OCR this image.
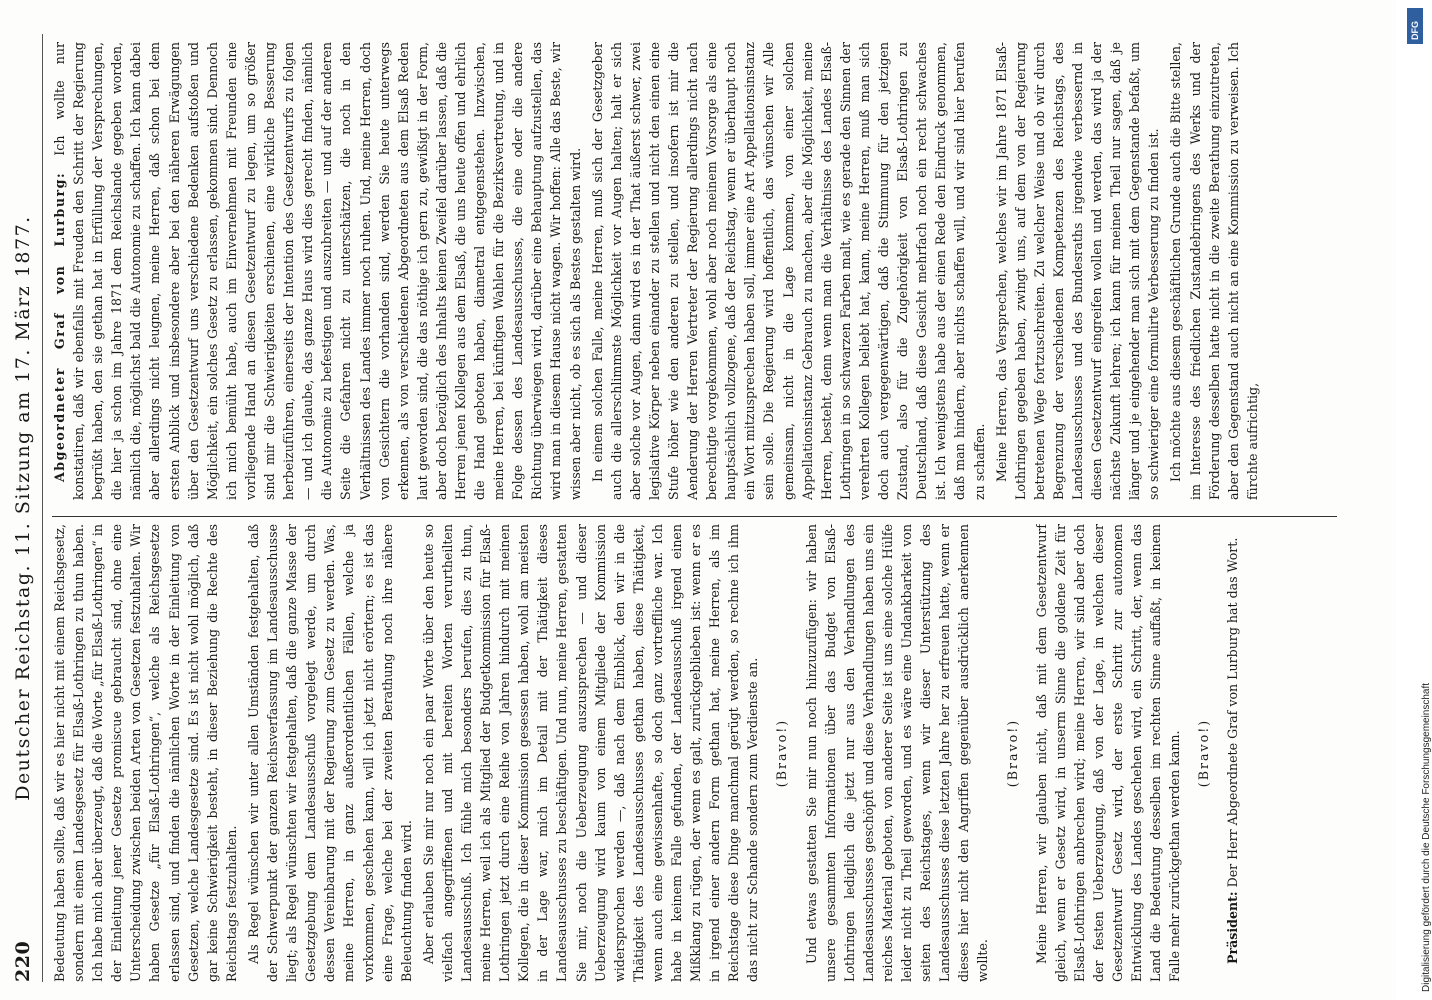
220
Deutscher Reichstag. 11. Sitzung am 17. März 1877. Bedeutung haben sollte, daß wir es hier nicht mit einem Reichsgesetz, sondern mit einem Landesgesetz für Elsaß-Lothringen zu thun haben. Ich habe mich aber überzeugt, daß die Worte „für Elsaß-Lothringen“ in der Einleitung jener Gesetze promiscue gebraucht sind, ohne eine Unterscheidung zwischen beiden Arten von Gesetzen festzuhalten. Wir haben Gesetze „für Elsaß-Lothringen“, welche als Reichsgesetze erlassen sind, und finden die nämlichen Worte in der Einleitung von Gesetzen, welche Landesgesetze sind. Es ist nicht wohl möglich, daß gar keine Schwierigkeit besteht, in dieser Beziehung die Rechte des Reichstags festzuhalten. Als Regel wünschen wir unter allen Umständen festgehalten, daß der Schwerpunkt der ganzen Reichsverfassung im Landesausschusse liegt; als Regel wünschten wir festgehalten, daß die ganze Masse der Gesetzgebung dem Landesausschuß vorgelegt werde, um durch dessen Vereinbarung mit der Regierung zum Gesetz zu werden. Was, meine Herren, in ganz außerordentlichen Fällen, welche ja vorkommen, geschehen kann, will ich jetzt nicht erörtern; es ist das eine Frage, welche bei der zweiten Berathung noch ihre nähere Beleuchtung finden wird. Aber erlauben Sie mir nur noch ein paar Worte über den heute so vielfach angegriffenen und mit bereiten Worten verurtheilten Landesausschuß. Ich fühle mich besonders berufen, dies zu thun, meine Herren, weil ich als Mitglied der Budgetkommission für Elsaß-Lothringen jetzt durch eine Reihe von Jahren hindurch mit meinen Kollegen, die in dieser Kommission gesessen haben, wohl am meisten in der Lage war, mich im Detail mit der Thätigkeit dieses Landesausschusses zu beschäftigen. Und nun, meine Herren, gestatten Sie mir, noch die Ueberzeugung auszusprechen — und dieser Ueberzeugung wird kaum von einem Mitgliede der Kommission widersprochen werden —, daß nach dem Einblick, den wir in die Thätigkeit des Landesausschusses gethan haben, diese Thätigkeit, wenn auch eine gewissenhafte, so doch ganz vortreffliche war. Ich habe in keinem Falle gefunden, der Landesausschuß irgend einen Mißklang zu rügen, der wenn es galt, zurückgeblieben ist: wenn er es in irgend einer andern Form gethan hat, meine Herren, als im Reichstage diese Dinge manchmal gerügt werden, so rechne ich ihm das nicht zur Schande sondern zum Verdienste an. (Bravo!) Und etwas gestatten Sie mir nun noch hinzuzufügen: wir haben unsere gesammten Informationen über das Budget von Elsaß-Lothringen lediglich die jetzt nur aus den Verhandlungen des Landesausschusses geschöpft und diese Verhandlungen haben uns ein reiches Material geboten, von anderer Seite ist uns eine solche Hülfe leider nicht zu Theil geworden, und es wäre eine Undankbarkeit von seiten des Reichstages, wenn wir dieser Unterstützung des Landesausschusses diese letzten Jahre her zu erfreuen hatte, wenn er dieses hier nicht den Angriffen gegenüber ausdrücklich anerkennen wollte.

(Bravo!) Meine Herren, wir glauben nicht, daß mit dem Gesetzentwurf gleich, wenn er Gesetz wird, in unserm Sinne die goldene Zeit für Elsaß-Lothringen anbrechen wird; meine Herren, wir sind aber doch der festen Ueberzeugung, daß von der Lage, in welchen dieser Gesetzentwurf Gesetz wird, der erste Schritt zur autonomen Entwicklung des Landes geschehen wird, ein Schritt, der, wenn das Land die Bedeutung desselben im rechten Sinne auffaßt, in keinem Falle mehr zurückgethan werden kann. (Bravo!)

Präsident: Der Herr Abgeordnete Graf von Lurburg hat das Wort.

Abgeordneter Graf von Lurburg: Ich wollte nur konstatiren, daß wir ebenfalls mit Freuden den Schritt der Regierung begrüßt haben, den sie gethan hat in Erfüllung der Versprechungen, die hier ja schon im Jahre 1871 dem Reichslande gegeben worden, nämlich die, möglichst bald die Autonomie zu schaffen. Ich kann dabei aber allerdings nicht leugnen, meine Herren, daß schon bei dem ersten Anblick und insbesondere aber bei den näheren Erwägungen über den Gesetzentwurf uns verschiedene Bedenken aufstoßen und Möglichkeit, ein solches Gesetz zu erlassen, gekommen sind. Dennoch ich mich bemüht habe, auch im Einvernehmen mit Freunden eine vorliegende Hand an diesen Gesetzentwurf zu legen, um so größer sind mir die Schwierigkeiten erschienen, eine wirkliche Besserung herbeizuführen, einerseits der Intention des Gesetzentwurfs zu folgen — und ich glaube, das ganze Haus wird dies gerecht finden, nämlich die Autonomie zu befestigen und auszubreiten — und auf der anderen Seite die Gefahren nicht zu unterschätzen, die noch in den Verhältnissen des Landes immer noch ruhen. Und, meine Herren, doch von Gesichtern die vorhanden sind, werden Sie heute unterwegs erkennen, als von verschiedenen Abgeordneten aus dem Elsaß Reden laut geworden sind, die das nöthige ich gern zu, gewißigt in der Form, aber doch bezüglich des Inhalts keinen Zweifel darüber lassen, daß die Herren jenen Kollegen aus dem Elsaß, die uns heute offen und ehrlich die Hand geboten haben, diametral entgegenstehen. Inzwischen, meine Herren, bei künftigen Wahlen für die Bezirksvertretung, und in Folge dessen des Landesausschusses, die eine oder die andere Richtung überwiegen wird, darüber eine Behauptung aufzustellen, das wird man in diesem Hause nicht wagen. Wir hoffen: Alle das Beste, wir wissen aber nicht, ob es sich als Bestes gestalten wird. In einem solchen Falle, meine Herren, muß sich der Gesetzgeber auch die allerschlimmste Möglichkeit vor Augen halten; halt er sich aber solche vor Augen, dann wird es in der That äußerst schwer, zwei legislative Körper neben einander zu stellen und nicht den einen eine Stufe höher wie den anderen zu stellen, und insofern ist mir die Aenderung der Herren Vertreter der Regierung allerdings nicht nach berechtigte vorgekommen, wohl aber noch meinem Vorsorge als eine hauptsächlich vollzogene, daß der Reichstag, wenn er überhaupt noch ein Wort mitzusprechen haben soll, immer eine Art Appellationsinstanz sein solle. Die Regierung wird hoffentlich, das wünschen wir Alle gemeinsam, nicht in die Lage kommen, von einer solchen Appellationsinstanz Gebrauch zu machen, aber die Möglichkeit, meine Herren, besteht, denn wenn man die Verhältnisse des Landes Elsaß-Lothringen in so schwarzen Farben malt, wie es gerade den Sinnen der verehrten Kollegen beliebt hat, kann, meine Herren, muß man sich doch auch vergegenwärtigen, daß die Stimmung für den jetzigen Zustand, also für die Zugehörigkeit von Elsaß-Lothringen zu Deutschland, daß diese Gesicht mehrfach noch ein recht schwaches ist. Ich wenigstens habe aus der einen Rede den Eindruck genommen, daß man hindern, aber nichts schaffen will, und wir sind hier berufen zu schaffen. Meine Herren, das Versprechen, welches wir im Jahre 1871 Elsaß-Lothringen gegeben haben, zwingt uns, auf dem von der Regierung betretenen Wege fortzuschreiten. Zu welcher Weise und ob wir durch Begrenzung der verschiedenen Kompetenzen des Reichstags, des Landesausschusses und des Bundesraths irgendwie verbessernd in diesen Gesetzentwurf eingreifen wollen und werden, das wird ja der nächste Zukunft lehren; ich kann für meinen Theil nur sagen, daß je länger und je eingehender man sich mit dem Gegenstande befaßt, um so schwieriger eine formulirte Verbesserung zu finden ist. Ich möchte aus diesem geschäftlichen Grunde auch die Bitte stellen, im Interesse des friedlichen Zustandebringens des Werks und der Förderung desselben hatte nicht in die zweite Berathung einzutreten, aber den Gegenstand auch nicht an eine Kommission zu verweisen. Ich fürchte aufrichtig,

DFG
Digitalisierung gefördert durch die Deutsche Forschungsgemeinschaft
